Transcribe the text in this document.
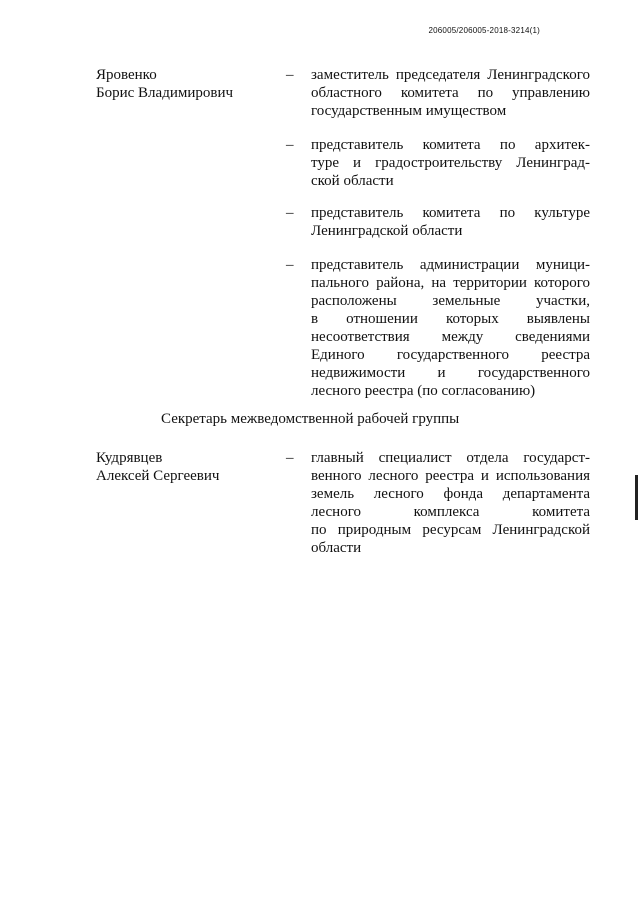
206005/206005-2018-3214(1)
Яровенко
Борис Владимирович
– заместитель председателя Ленинградского
областного комитета по управлению
государственным имуществом
– представитель комитета по архитек-
туре и градостроительству Ленинград-
ской области
– представитель комитета по культуре
Ленинградской области
– представитель администрации муници-
пального района, на территории которого
расположены земельные участки,
в отношении которых выявлены
несоответствия между сведениями
Единого государственного реестра
недвижимости и государственного
лесного реестра (по согласованию)
Секретарь межведомственной рабочей группы
Кудрявцев
Алексей Сергеевич
– главный специалист отдела государст-
венного лесного реестра и использования
земель лесного фонда департамента
лесного комплекса комитета
по природным ресурсам Ленинградской
области
